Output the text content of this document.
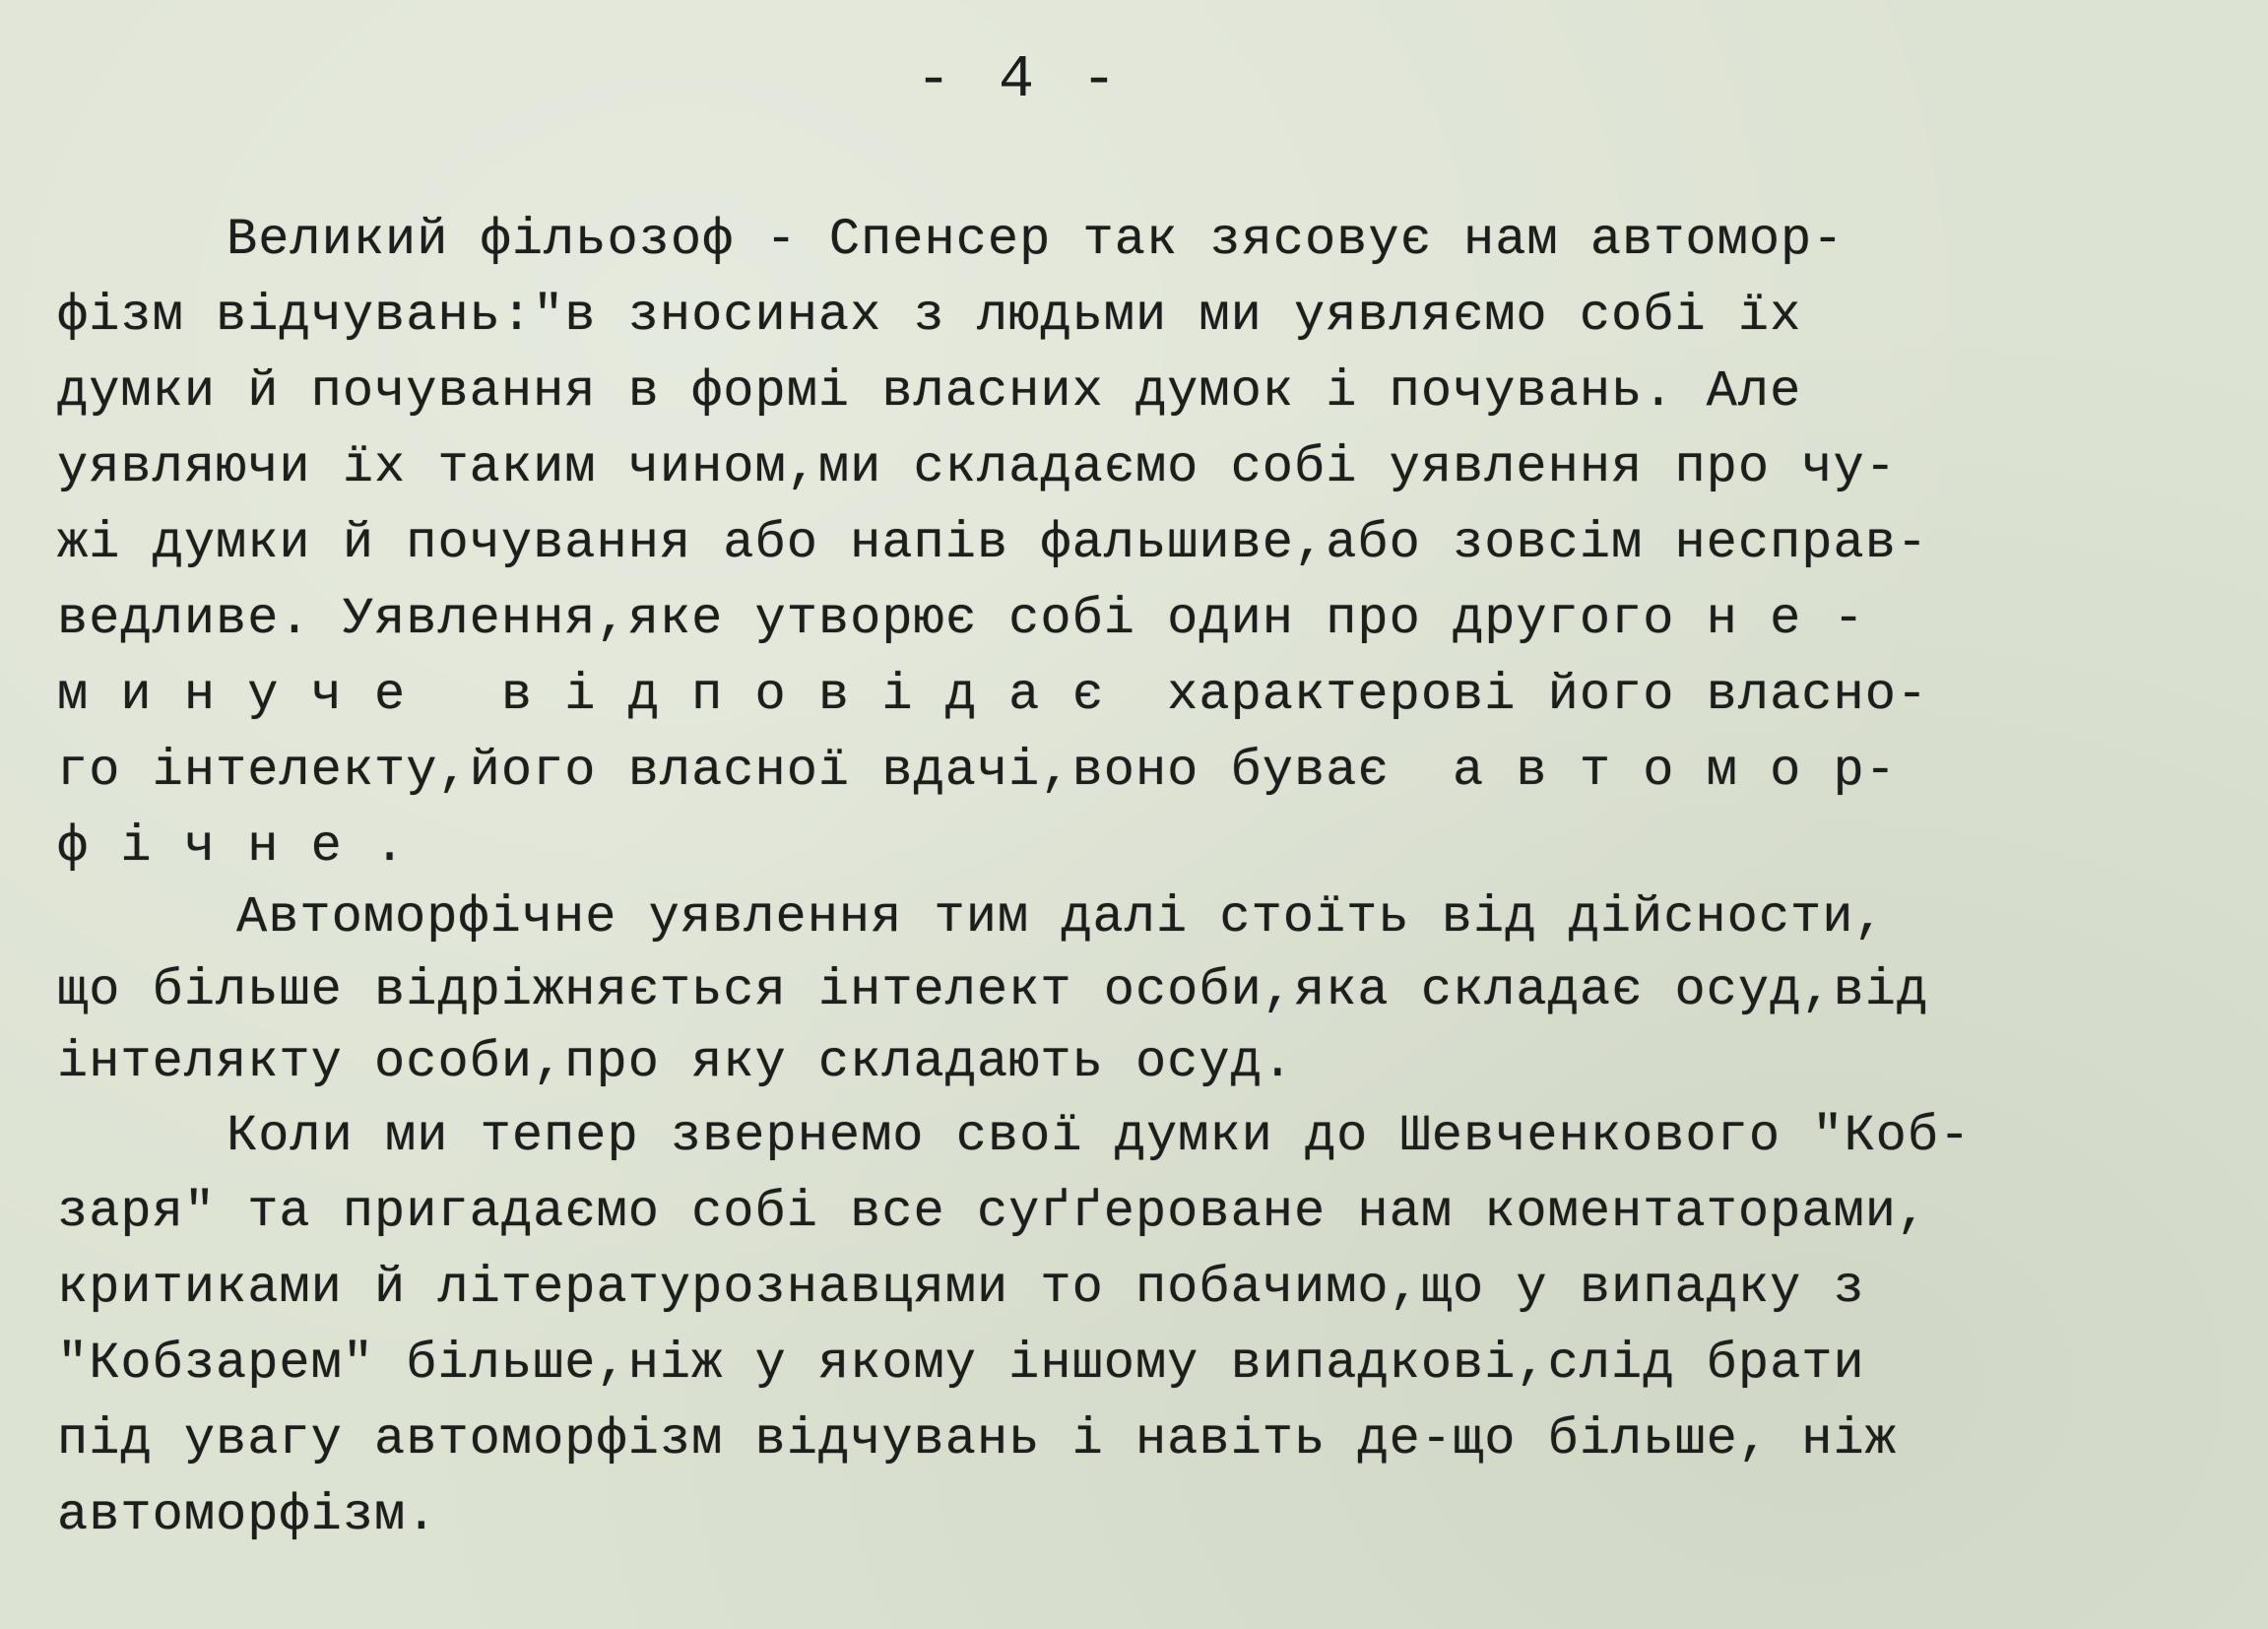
- 4 -
Великий фільозоф - Спенсер так зясовує нам автомор-
фізм відчувань:"в зносинах з людьми ми уявляємо собі їх
думки й почування в формі власних думок і почувань. Але
уявляючи їх таким чином,ми складаємо собі уявлення про чу-
жі думки й почування або напів фальшиве,або зовсім несправ-
ведливе. Уявлення,яке утворює собі один про другого н е -
м и н у ч е   в і д п о в і д а є  характерові його власно-
го інтелекту,його власної вдачі,воно буває  а в т о м о р-
ф і ч н е .
Автоморфічне уявлення тим далі стоїть від дійсности,
що більше відріжняється інтелект особи,яка складає осуд,від
інтелякту особи,про яку складають осуд.
Коли ми тепер звернемо свої думки до Шевченкового "Коб-
заря" та пригадаємо собі все суґґероване нам коментаторами,
критиками й літературознавцями то побачимо,що у випадку з
"Кобзарем" більше,ніж у якому іншому випадкові,слід брати
під увагу автоморфізм відчувань і навіть де-що більше, ніж
автоморфізм.
